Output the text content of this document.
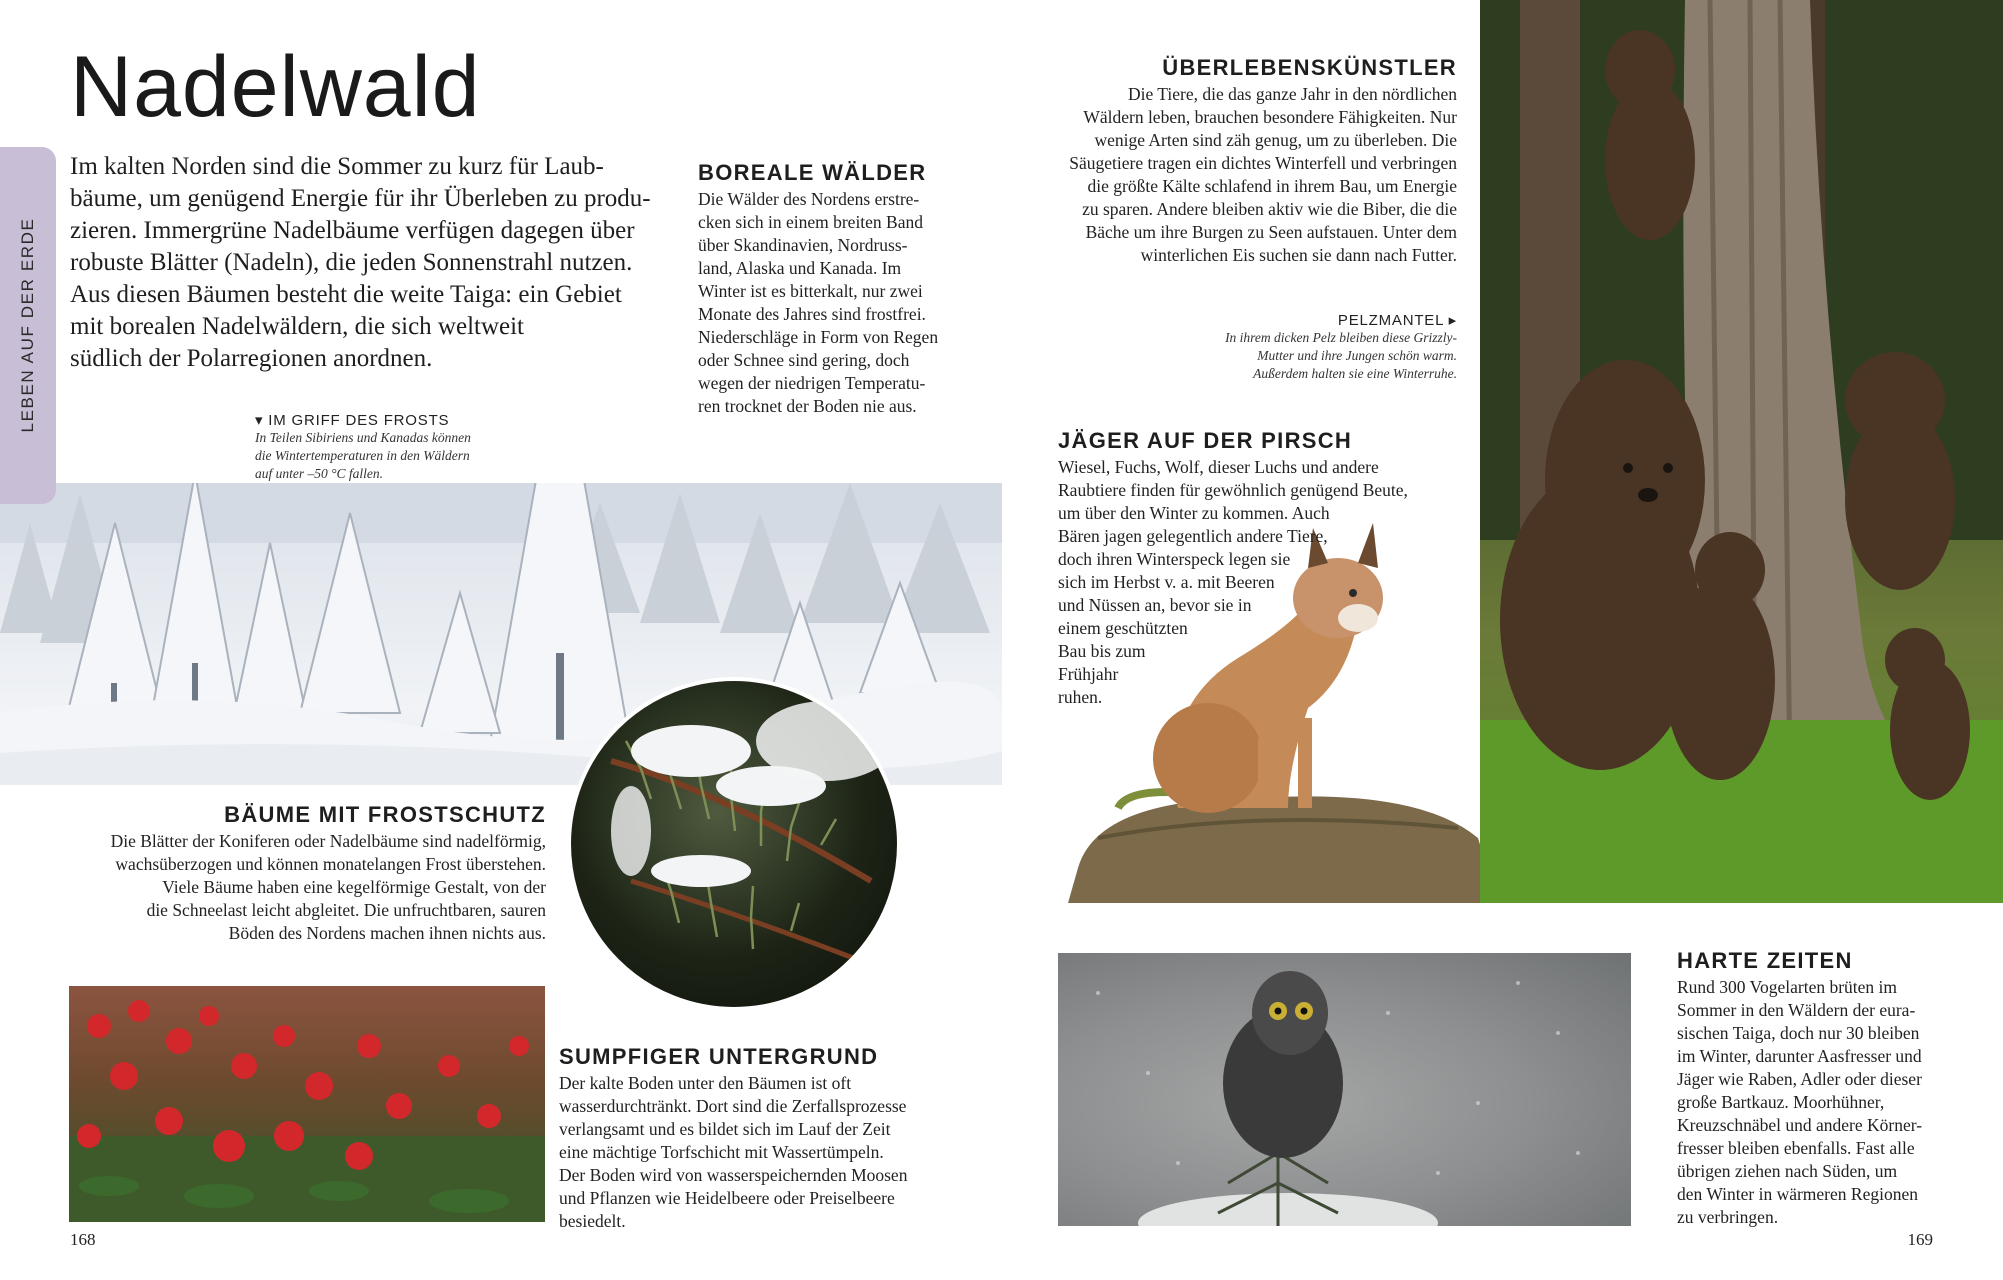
LEBEN AUF DER ERDE
Nadelwald
Im kalten Norden sind die Sommer zu kurz für Laub-
bäume, um genügend Energie für ihr Überleben zu produ-
zieren. Immergrüne Nadelbäume verfügen dagegen über
robuste Blätter (Nadeln), die jeden Sonnenstrahl nutzen.
Aus diesen Bäumen besteht die weite Taiga: ein Gebiet
mit borealen Nadelwäldern, die sich weltweit
südlich der Polarregionen anordnen.
▾ IM GRIFF DES FROSTS
In Teilen Sibiriens und Kanadas können
die Wintertemperaturen in den Wäldern
auf unter –50 °C fallen.
BOREALE WÄLDER
Die Wälder des Nordens erstre-
cken sich in einem breiten Band
über Skandinavien, Nordruss-
land, Alaska und Kanada. Im
Winter ist es bitterkalt, nur zwei
Monate des Jahres sind frostfrei.
Niederschläge in Form von Regen
oder Schnee sind gering, doch
wegen der niedrigen Temperatu-
ren trocknet der Boden nie aus.
ÜBERLEBENSKÜNSTLER
Die Tiere, die das ganze Jahr in den nördlichen
Wäldern leben, brauchen besondere Fähigkeiten. Nur
wenige Arten sind zäh genug, um zu überleben. Die
Säugetiere tragen ein dichtes Winterfell und verbringen
die größte Kälte schlafend in ihrem Bau, um Energie
zu sparen. Andere bleiben aktiv wie die Biber, die die
Bäche um ihre Burgen zu Seen aufstauen. Unter dem
winterlichen Eis suchen sie dann nach Futter.
PELZMANTEL ▸
In ihrem dicken Pelz bleiben diese Grizzly-
Mutter und ihre Jungen schön warm.
Außerdem halten sie eine Winterruhe.
JÄGER AUF DER PIRSCH
Wiesel, Fuchs, Wolf, dieser Luchs und andere
Raubtiere finden für gewöhnlich genügend Beute,
um über den Winter zu kommen. Auch
Bären jagen gelegentlich andere Tiere,
doch ihren Winterspeck legen sie
sich im Herbst v. a. mit Beeren
und Nüssen an, bevor sie in
einem geschützten
Bau bis zum
Frühjahr
ruhen.
BÄUME MIT FROSTSCHUTZ
Die Blätter der Koniferen oder Nadelbäume sind nadelförmig,
wachsüberzogen und können monatelangen Frost überstehen.
Viele Bäume haben eine kegelförmige Gestalt, von der
die Schneelast leicht abgleitet. Die unfruchtbaren, sauren
Böden des Nordens machen ihnen nichts aus.
SUMPFIGER UNTERGRUND
Der kalte Boden unter den Bäumen ist oft
wasserdurchtränkt. Dort sind die Zerfallsprozesse
verlangsamt und es bildet sich im Lauf der Zeit
eine mächtige Torfschicht mit Wassertümpeln.
Der Boden wird von wasserspeichernden Moosen
und Pflanzen wie Heidelbeere oder Preiselbeere
besiedelt.
HARTE ZEITEN
Rund 300 Vogelarten brüten im
Sommer in den Wäldern der eura-
sischen Taiga, doch nur 30 bleiben
im Winter, darunter Aasfresser und
Jäger wie Raben, Adler oder dieser
große Bartkauz. Moorhühner,
Kreuzschnäbel und andere Körner-
fresser bleiben ebenfalls. Fast alle
übrigen ziehen nach Süden, um
den Winter in wärmeren Regionen
zu verbringen.
168	169
